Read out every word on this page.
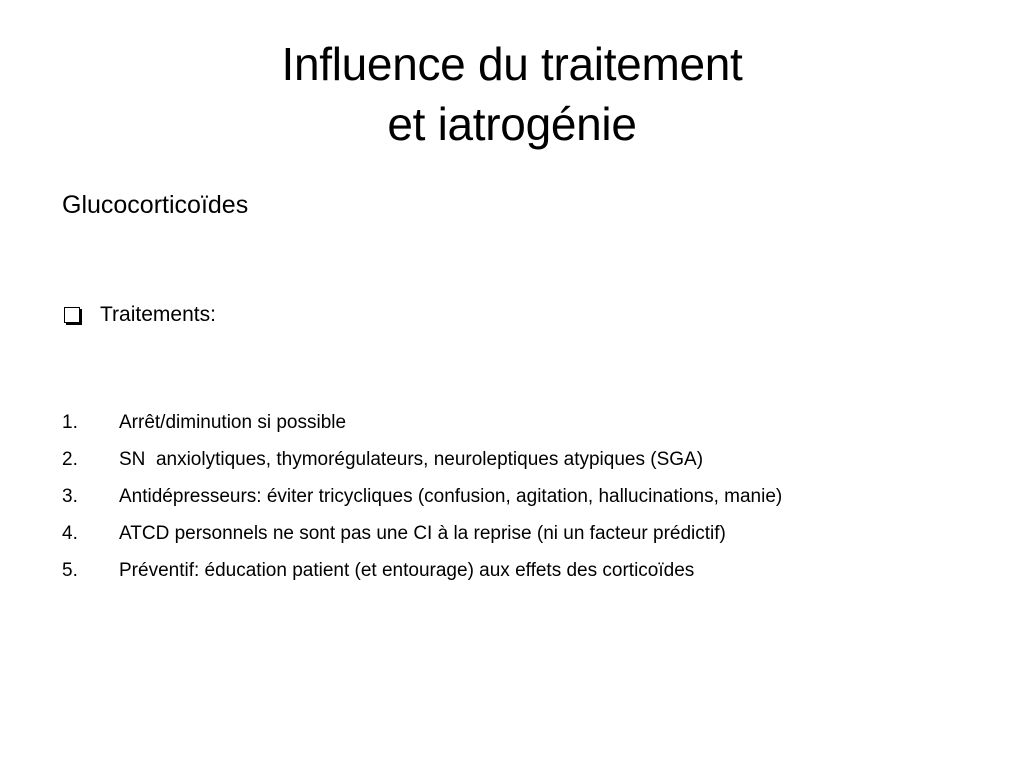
Influence du traitement
et iatrogénie
Glucocorticoïdes
Traitements:
1.	Arrêt/diminution si possible
2.	SN  anxiolytiques, thymorégulateurs, neuroleptiques atypiques (SGA)
3.	Antidépresseurs: éviter tricycliques (confusion, agitation, hallucinations, manie)
4.	ATCD personnels ne sont pas une CI à la reprise (ni un facteur prédictif)
5.	Préventif: éducation patient (et entourage) aux effets des corticoïdes
